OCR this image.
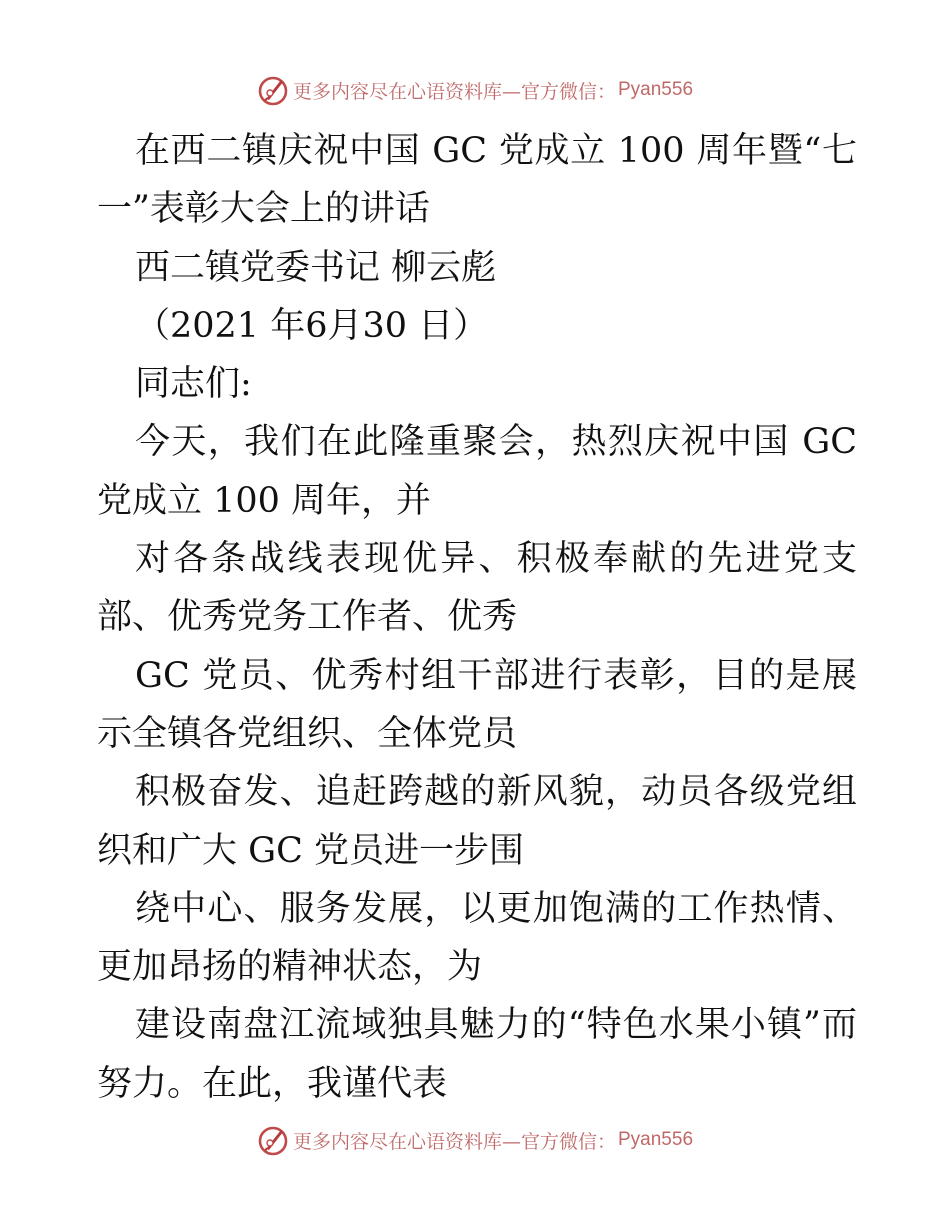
更多内容尽在心语资料库—官方微信： Pyan556

在西二镇庆祝中国 GC 党成立 100 周年暨“七一”表彰大会上的讲话

西二镇党委书记 柳云彪

（2021 年6月30 日）

同志们:

今天，我们在此隆重聚会，热烈庆祝中国 GC 党成立 100 周年，并

对各条战线表现优异、积极奉献的先进党支部、优秀党务工作者、优秀

GC 党员、优秀村组干部进行表彰，目的是展示全镇各党组织、全体党员

积极奋发、追赶跨越的新风貌，动员各级党组织和广大 GC 党员进一步围

绕中心、服务发展，以更加饱满的工作热情、更加昂扬的精神状态，为

建设南盘江流域独具魅力的“特色水果小镇”而努力。在此，我谨代表

更多内容尽在心语资料库—官方微信： Pyan556
